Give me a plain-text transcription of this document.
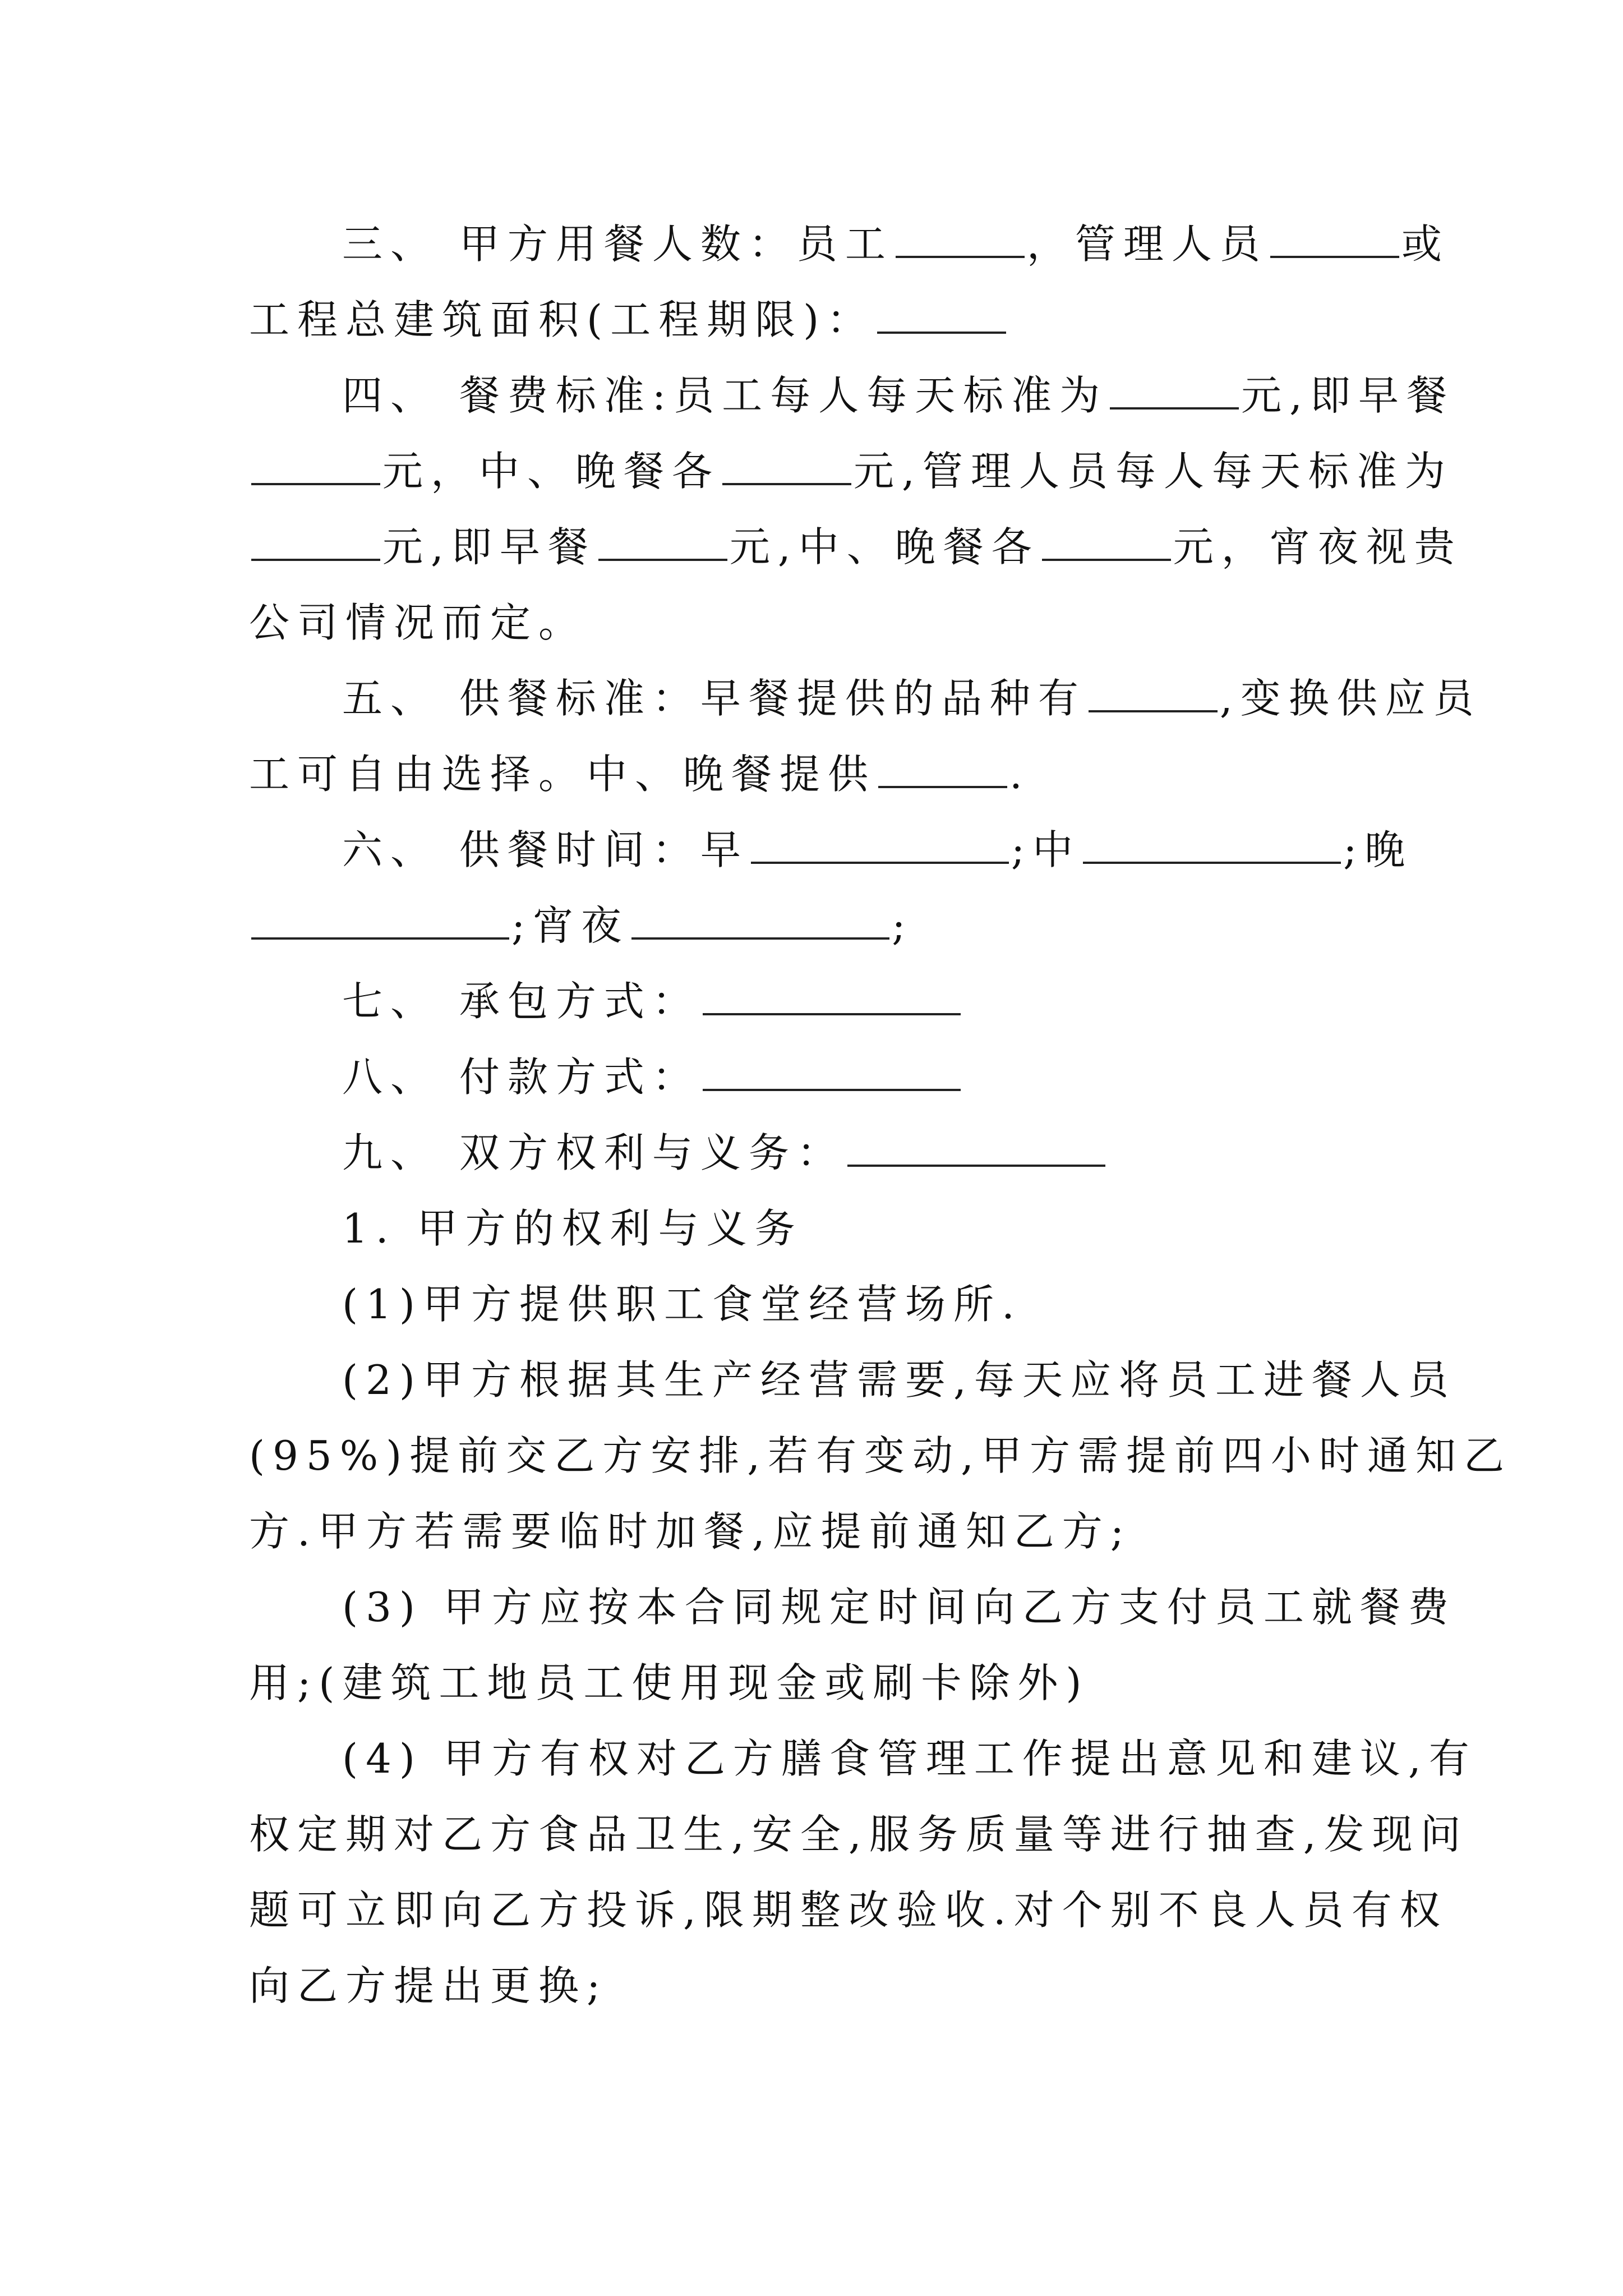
三、 甲方用餐人数：员工	，管理人员	或
工程总建筑面积(工程期限)：
四、 餐费标准:员工每人每天标准为	元,即早餐
元，中、晚餐各	元,管理人员每人每天标准为
元,即早餐	元,中、晚餐各	元，宵夜视贵
公司情况而定。
五、 供餐标准：早餐提供的品种有	,变换供应员
工可自由选择。中、晚餐提供	.
六、 供餐时间：早	;中	;晚
;宵夜	;
七、 承包方式：
八、 付款方式：
九、 双方权利与义务：
1. 甲方的权利与义务
(1)甲方提供职工食堂经营场所.
(2)甲方根据其生产经营需要,每天应将员工进餐人员
(95%)提前交乙方安排,若有变动,甲方需提前四小时通知乙
方.甲方若需要临时加餐,应提前通知乙方;
(3) 甲方应按本合同规定时间向乙方支付员工就餐费
用;(建筑工地员工使用现金或刷卡除外)
(4) 甲方有权对乙方膳食管理工作提出意见和建议,有
权定期对乙方食品卫生,安全,服务质量等进行抽查,发现问
题可立即向乙方投诉,限期整改验收.对个别不良人员有权
向乙方提出更换;
